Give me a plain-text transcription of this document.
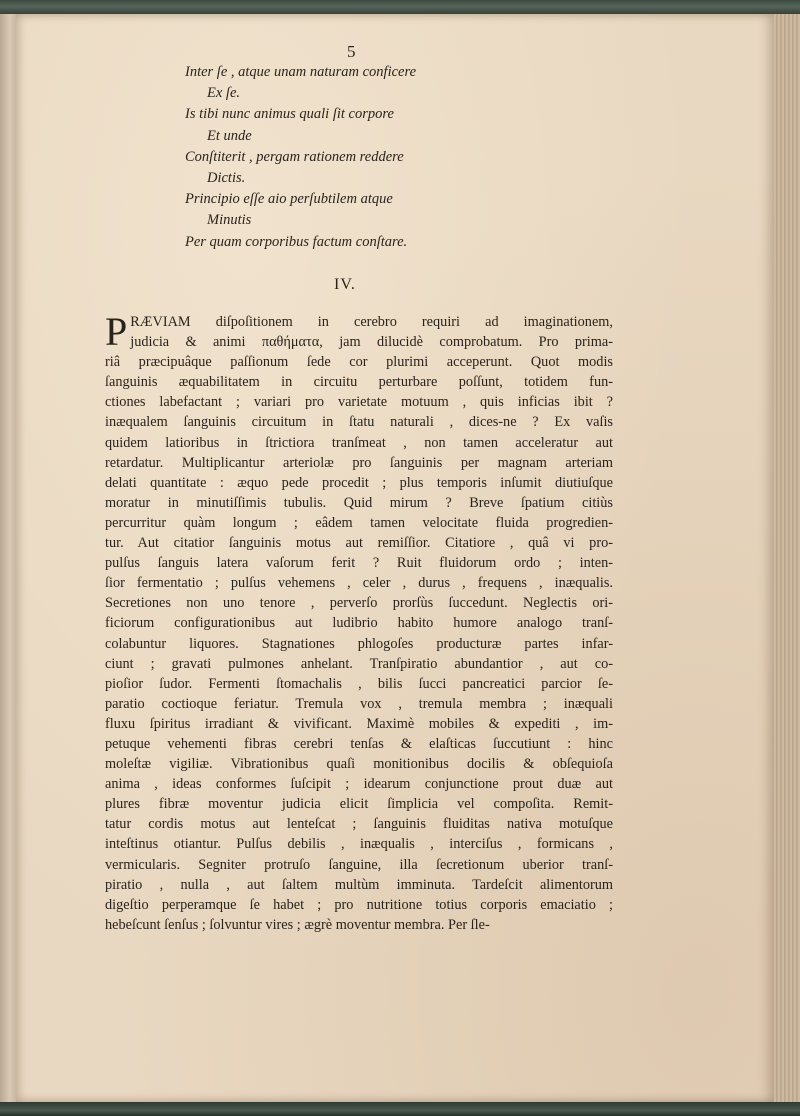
5
Inter ſe , atque unam naturam conficere
Ex ſe.
Is tibi nunc animus quali ſit corpore
Et unde
Conſtiterit , pergam rationem reddere
Dictis.
Principio eſſe aio perſubtilem atque
Minutis
Per quam corporibus factum conſtare.
IV.
P RÆVIAM diſpoſitionem in cerebro requiri ad imaginationem,
judicia & animi παθήματα, jam dilucidè comprobatum. Pro prima-
riâ præcipuâque paſſionum ſede cor plurimi acceperunt. Quot modis
ſanguinis æquabilitatem in circuitu perturbare poſſunt, totidem fun-
ctiones labefactant ; variari pro varietate motuum , quis inficias ibit ?
inæqualem ſanguinis circuitum in ſtatu naturali , dices-ne ? Ex vaſis
quidem latioribus in ſtrictiora tranſmeat , non tamen acceleratur aut
retardatur. Multiplicantur arteriolæ pro ſanguinis per magnam arteriam
delati quantitate : æquo pede procedit ; plus temporis inſumit diutiuſque
moratur in minutiſſimis tubulis. Quid mirum ? Breve ſpatium citiùs
percurritur quàm longum ; eâdem tamen velocitate fluida progredien-
tur. Aut citatior ſanguinis motus aut remiſſior. Citatiore , quâ vi pro-
pulſus ſanguis latera vaſorum ferit ? Ruit fluidorum ordo ; inten-
ſior fermentatio ; pulſus vehemens , celer , durus , frequens , inæqualis.
Secretiones non uno tenore , perverſo prorſùs ſuccedunt. Neglectis ori-
ficiorum configurationibus aut ludibrio habito humore analogo tranſ-
colabuntur liquores. Stagnationes phlogoſes producturæ partes infar-
ciunt ; gravati pulmones anhelant. Tranſpiratio abundantior , aut co-
pioſior ſudor. Fermenti ſtomachalis , bilis ſucci pancreatici parcior ſe-
paratio coctioque feriatur. Tremula vox , tremula membra ; inæquali
fluxu ſpiritus irradiant & vivificant. Maximè mobiles & expediti , im-
petuque vehementi fibras cerebri tenſas & elaſticas ſuccutiunt : hinc
moleſtæ vigiliæ. Vibrationibus quaſi monitionibus docilis & obſequioſa
anima , ideas conformes ſuſcipit ; idearum conjunctione prout duæ aut
plures fibræ moventur judicia elicit ſimplicia vel compoſita. Remit-
tatur cordis motus aut lenteſcat ; ſanguinis fluiditas nativa motuſque
inteſtinus otiantur. Pulſus debilis , inæqualis , interciſus , formicans ,
vermicularis. Segniter protruſo ſanguine, illa ſecretionum uberior tranſ-
piratio , nulla , aut ſaltem multùm imminuta. Tardeſcit alimentorum
digeſtio perperamque ſe habet ; pro nutritione totius corporis emaciatio ;
hebeſcunt ſenſus ; ſolvuntur vires ; ægrè moventur membra. Per ſle-
